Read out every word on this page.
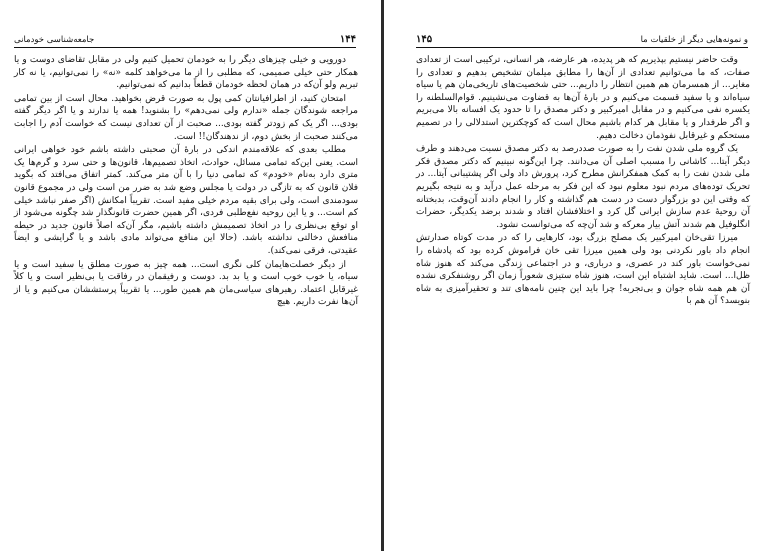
۱۴۴
جامعه‌شناسی خودمانی

دورویی و خیلی چیزهای دیگر را به خودمان تحمیل کنیم ولی در مقابل تقاضای دوست و یا همکار حتی خیلی صمیمی، که مطلبی را از ما می‌خواهد کلمه «نه» را نمی‌توانیم، یا نه کار تبریم ولو آن‌که در همان لحظه خودمان قطعاً بدانیم که نمی‌توانیم.

امتحان کنید، از اطرافیانتان کمی پول به صورت قرض بخواهید. محال است از بین تمامی مراجعه شوندگان جمله «ندارم ولی نمی‌دهم» را بشنوید! همه یا ندارند و یا اگر دیگر گفته بودی... اگر یک کم زودتر گفته بودی... صحبت از آن تعدادی نیست که خواست آدم را اجابت می‌کنند صحبت از بخش دوم، از ندهندگان!! است.

مطلب بعدی که علاقه‌مندم اندکی در بارهٔ آن صحبتی داشته باشم خود خواهی ایرانی است. یعنی این‌که تمامی مسائل، حوادث، اتخاذ تصمیم‌ها، قانون‌ها و حتی سرد و گرم‌ها یک متری دارد به‌نام «خودم» که تمامی دنیا را با آن متر می‌کند. کمتر اتفاق می‌افتد که بگوید فلان قانون که به تازگی در دولت یا مجلس وضع شد به ضرر من است ولی در مجموع قانون سودمندی است، ولی برای بقیه مردم خیلی مفید است. تقریباً امکانش (اگر صفر نباشد خیلی کم است... و یا این روحیه نفع‌طلبی فردی، اگر همین حضرت قانونگذار شد چگونه می‌شود از او توقع بی‌نظری را در اتخاذ تصمیمش داشته باشیم، مگر آن‌که اصلاً قانون جدید در حیطه منافعش دخالتی نداشته باشد. (حالا این منافع می‌تواند مادی باشد و یا گرایشی و ایضاً عقیدتی، فرقی نمی‌کند).

از دیگر خصلت‌هایمان کلی نگری است... همه چیز به صورت مطلق یا سفید است و یا سیاه، یا خوب خوب است و یا بد بد. دوست و رفیقمان در رفاقت یا بی‌نظیر است و یا کلاً غیرقابل اعتماد. رهبرهای سیاسی‌مان هم همین طور... یا تقریباً پرستششان می‌کنیم و یا از آن‌ها نفرت داریم. هیچ

و نمونه‌هایی دیگر از خلقیات ما
۱۴۵

وقت حاضر نیستیم بپذیریم که هر پدیده، هر عارضه، هر انسانی، ترکیبی است از تعدادی صفات، که ما می‌توانیم تعدادی از آن‌ها را مطابق میلمان تشخیص بدهیم و تعدادی را مغایر... از همسرمان هم همین انتظار را داریم... حتی شخصیت‌های تاریخی‌مان هم یا سیاه سیاه‌اند و یا سفید قسمت می‌کنیم و در بارهٔ آن‌ها به قضاوت می‌نشینیم. قوام‌السلطنه را یکسره نفی می‌کنیم و در مقابل امیرکبیر و دکتر مصدق را تا حدود یک افسانه بالا می‌بریم و اگر طرفدار و یا مقابل هر کدام باشیم محال است که کوچکترین استدلالی را در تصمیم مستحکم و غیرقابل نفوذمان دخالت دهیم.

یک گروه ملی شدن نفت را به صورت صددرصد به دکتر مصدق نسبت می‌دهند و طرف دیگر آیتا... کاشانی را مسبب اصلی آن می‌دانند. چرا این‌گونه نبینیم که دکتر مصدق فکر ملی شدن نفت را به کمک همفکرانش مطرح کرد، پرورش داد ولی اگر پشتیبانی آیتا... در تحریک توده‌های مردم نبود معلوم نبود که این فکر به مرحله عمل درآید و به نتیجه بگیریم که وقتی این دو بزرگوار دست در دست هم گذاشته و کار را انجام دادند آن‌وقت، بدبختانه آن روحیهٔ عدم سازش ایرانی گل کرد و اختلافشان افتاد و شدند برضد یکدیگر، حضرات انگلوفیل هم شدند آتش بیار معرکه و شد آن‌چه که می‌توانست نشود.

میرزا تقی‌خان امیرکبیر یک مصلح بزرگ بود، کارهایی را که در مدت کوتاه صدارتش انجام داد باور نکردنی بود ولی همین میرزا تقی خان فراموش کرده بود که پادشاه را نمی‌خواست باور کند در عصری، و درباری، و در اجتماعی زندگی می‌کند که هنوز شاه ظل‌ا... است. شاید اشتباه این است، هنوز شاه ستیزی شعوراً زمان اگر روشنفکری نشده آن هم همه شاه جوان و بی‌تجربه! چرا باید این چنین نامه‌های تند و تحقیرآمیزی به شاه بنویسد؟ آن هم با
